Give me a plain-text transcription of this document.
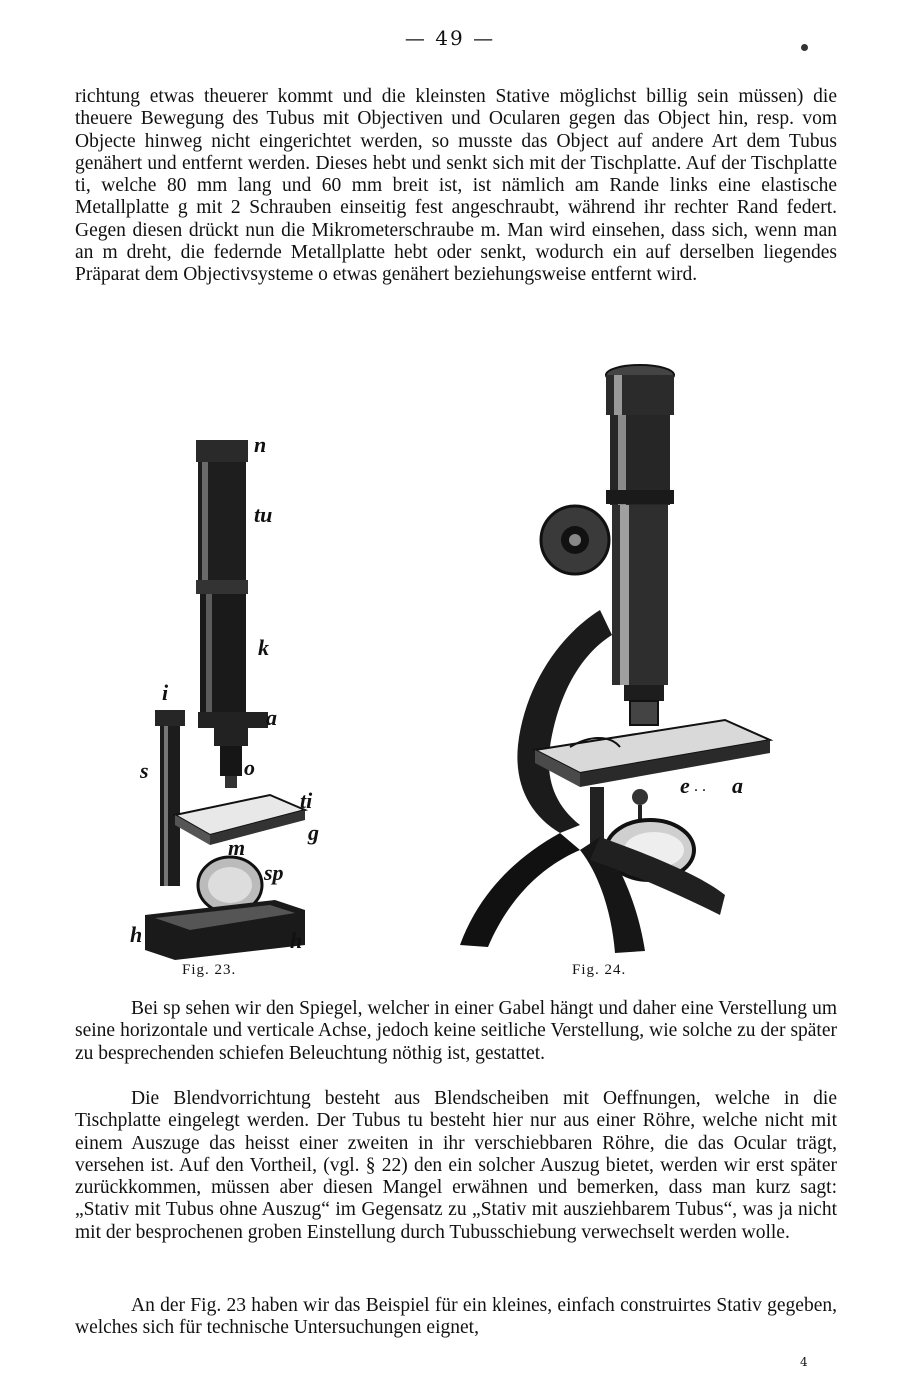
— 49 —

richtung etwas theuerer kommt und die kleinsten Stative möglichst billig sein müssen) die theuere Bewegung des Tubus mit Objectiven und Ocularen gegen das Object hin, resp. vom Objecte hinweg nicht eingerichtet werden, so musste das Object auf andere Art dem Tubus genähert und entfernt werden. Dieses hebt und senkt sich mit der Tischplatte. Auf der Tischplatte ti, welche 80 mm lang und 60 mm breit ist, ist nämlich am Rande links eine elastische Metallplatte g mit 2 Schrauben einseitig fest angeschraubt, während ihr rechter Rand federt. Gegen diesen drückt nun die Mikrometerschraube m. Man wird einsehen, dass sich, wenn man an m dreht, die federnde Metallplatte hebt oder senkt, wodurch ein auf derselben liegendes Präparat dem Objectivsysteme o etwas genähert beziehungsweise entfernt wird.

n
tu
k
i
a
s	o
ti
g
m
sp
h	h
Fig. 23.
e a
. .
Fig. 24.

Bei sp sehen wir den Spiegel, welcher in einer Gabel hängt und daher eine Verstellung um seine horizontale und verticale Achse, jedoch keine seitliche Verstellung, wie solche zu der später zu besprechenden schiefen Beleuchtung nöthig ist, gestattet.

Die Blendvorrichtung besteht aus Blendscheiben mit Oeffnungen, welche in die Tischplatte eingelegt werden. Der Tubus tu besteht hier nur aus einer Röhre, welche nicht mit einem Auszuge das heisst einer zweiten in ihr verschiebbaren Röhre, die das Ocular trägt, versehen ist. Auf den Vortheil, (vgl. § 22) den ein solcher Auszug bietet, werden wir erst später zurückkommen, müssen aber diesen Mangel erwähnen und bemerken, dass man kurz sagt: „Stativ mit Tubus ohne Auszug“ im Gegensatz zu „Stativ mit ausziehbarem Tubus“, was ja nicht mit der besprochenen groben Einstellung durch Tubusschiebung verwechselt werden wolle.

An der Fig. 23 haben wir das Beispiel für ein kleines, einfach construirtes Stativ gegeben, welches sich für technische Untersuchungen eignet,

4
